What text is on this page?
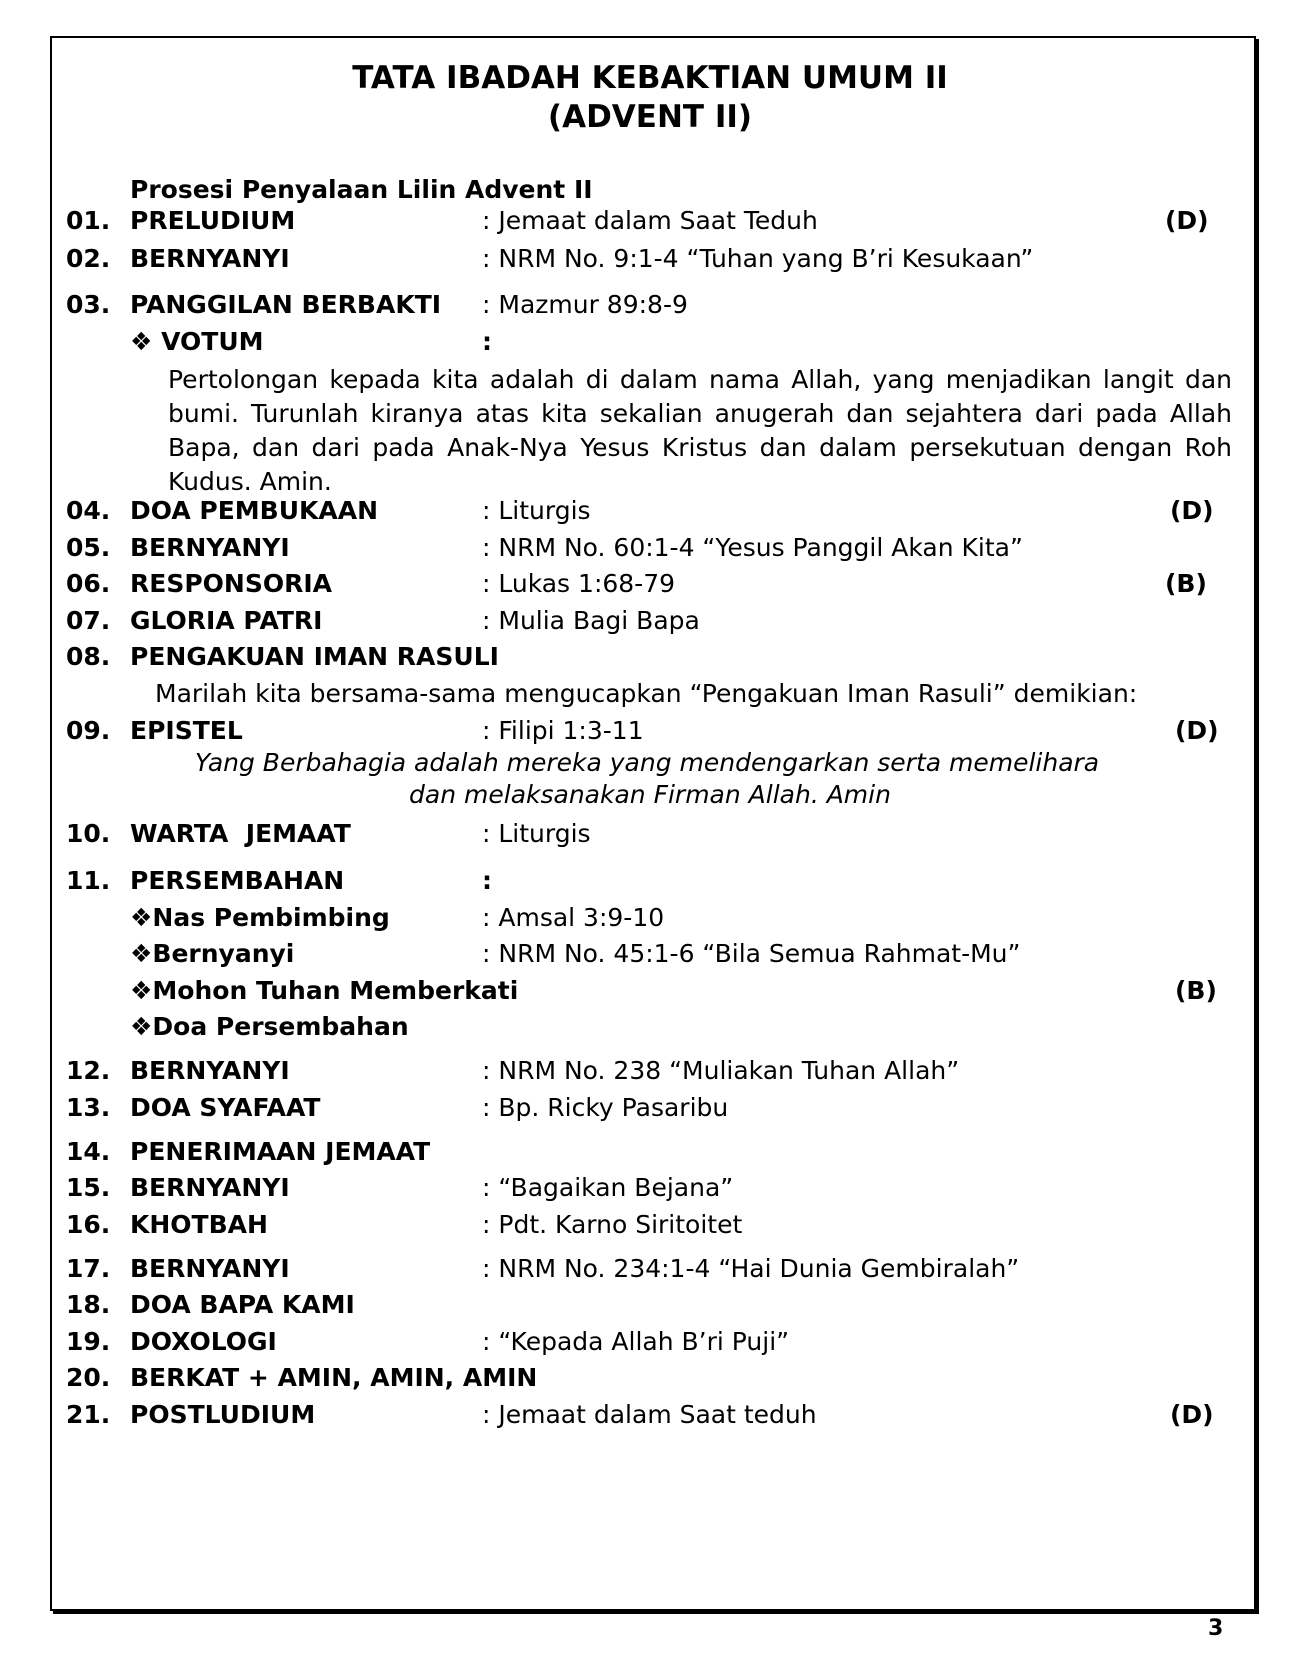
TATA IBADAH KEBAKTIAN UMUM II
(ADVENT II)
Prosesi Penyalaan Lilin Advent II
01. PRELUDIUM	: Jemaat dalam Saat Teduh	(D)
02. BERNYANYI	: NRM No. 9:1-4 “Tuhan yang B’ri Kesukaan”
03. PANGGILAN BERBAKTI : Mazmur 89:8-9
❖ VOTUM	:
Pertolongan kepada kita adalah di dalam nama Allah, yang menjadikan langit dan bumi. Turunlah kiranya atas kita sekalian anugerah dan sejahtera dari pada Allah Bapa, dan dari pada Anak-Nya Yesus Kristus dan dalam persekutuan dengan Roh Kudus. Amin.
04. DOA PEMBUKAAN	: Liturgis	(D)
05. BERNYANYI	: NRM No. 60:1-4 “Yesus Panggil Akan Kita”
06. RESPONSORIA	: Lukas 1:68-79	(B)
07. GLORIA PATRI	: Mulia Bagi Bapa
08. PENGAKUAN IMAN RASULI
Marilah kita bersama-sama mengucapkan “Pengakuan Iman Rasuli” demikian:
09. EPISTEL	: Filipi 1:3-11	(D)
Yang Berbahagia adalah mereka yang mendengarkan serta memelihara
dan melaksanakan Firman Allah. Amin
10. WARTA  JEMAAT	: Liturgis
11. PERSEMBAHAN	:
❖Nas Pembimbing	: Amsal 3:9-10
❖Bernyanyi	: NRM No. 45:1-6 “Bila Semua Rahmat-Mu”
❖Mohon Tuhan Memberkati	(B)
❖Doa Persembahan
12. BERNYANYI	: NRM No. 238 “Muliakan Tuhan Allah”
13. DOA SYAFAAT	: Bp. Ricky Pasaribu
14. PENERIMAAN JEMAAT
15. BERNYANYI	: “Bagaikan Bejana”
16. KHOTBAH	: Pdt. Karno Siritoitet
17. BERNYANYI	: NRM No. 234:1-4 “Hai Dunia Gembiralah”
18. DOA BAPA KAMI
19. DOXOLOGI	: “Kepada Allah B’ri Puji”
20. BERKAT + AMIN, AMIN, AMIN
21. POSTLUDIUM	: Jemaat dalam Saat teduh	(D)
3
